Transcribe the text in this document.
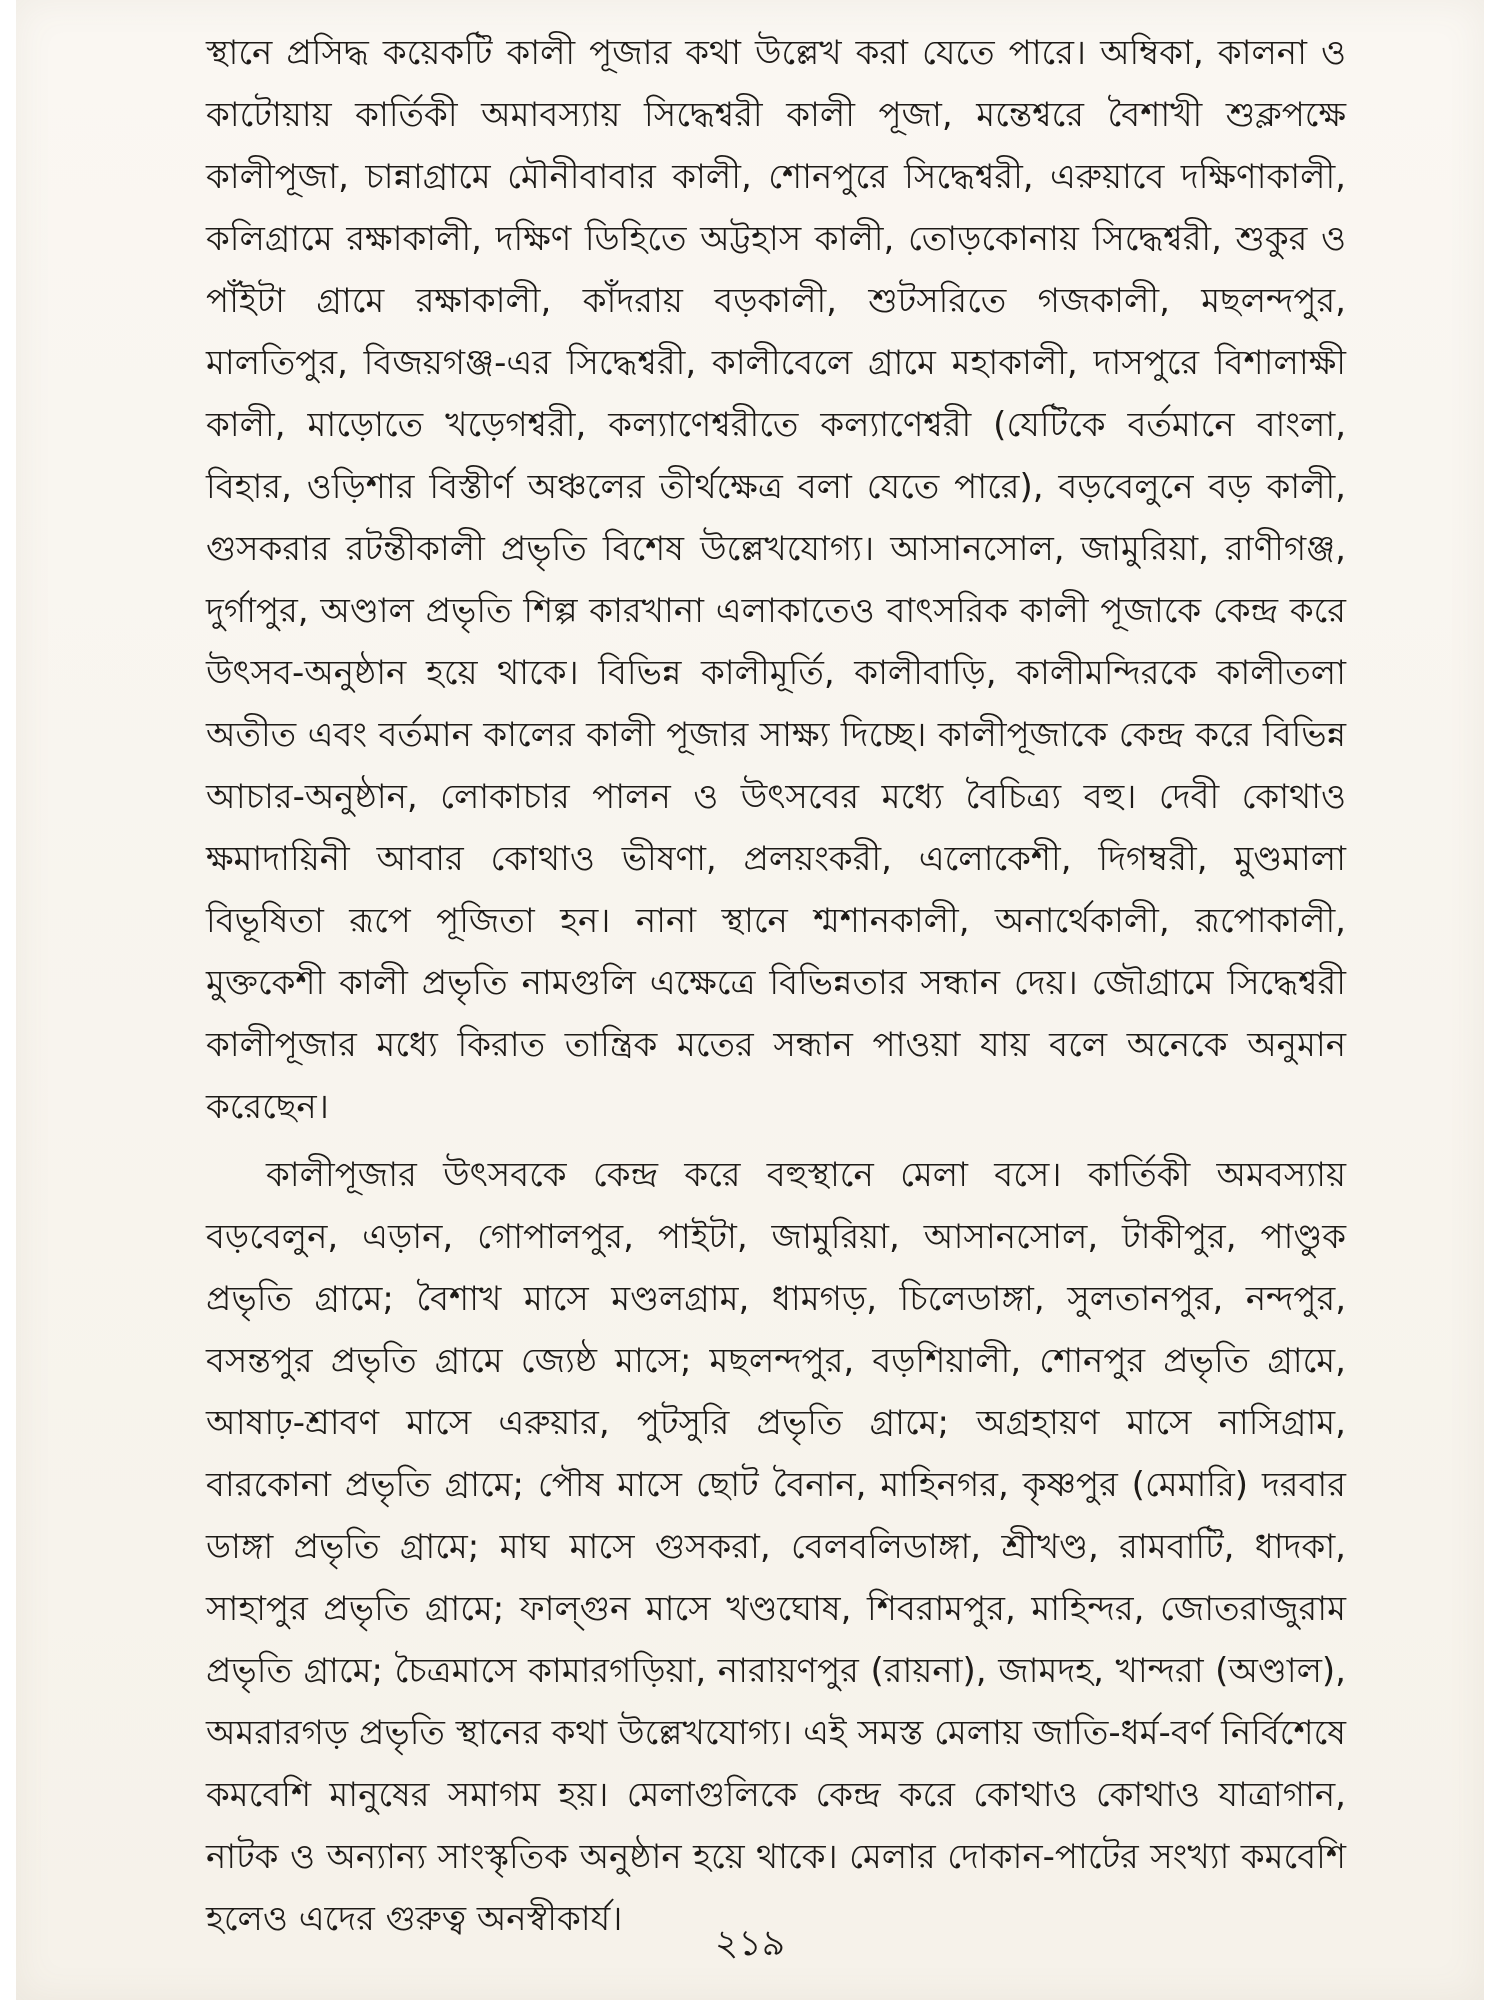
স্থানে প্রসিদ্ধ কয়েকটি কালী পূজার কথা উল্লেখ করা যেতে পারে। অম্বিকা, কালনা ও কাটোয়ায় কার্তিকী অমাবস্যায় সিদ্ধেশ্বরী কালী পূজা, মন্তেশ্বরে বৈশাখী শুক্লপক্ষে কালীপূজা, চান্নাগ্রামে মৌনীবাবার কালী, শোনপুরে সিদ্ধেশ্বরী, এরুয়াবে দক্ষিণাকালী, কলিগ্রামে রক্ষাকালী, দক্ষিণ ডিহিতে অট্টহাস কালী, তোড়কোনায় সিদ্ধেশ্বরী, শুকুর ও পাঁইটা গ্রামে রক্ষাকালী, কাঁদরায় বড়কালী, শুটসরিতে গজকালী, মছলন্দপুর, মালতিপুর, বিজয়গঞ্জ-এর সিদ্ধেশ্বরী, কালীবেলে গ্রামে মহাকালী, দাসপুরে বিশালাক্ষী কালী, মাড়োতে খড়েগশ্বরী, কল্যাণেশ্বরীতে কল্যাণেশ্বরী (যেটিকে বর্তমানে বাংলা, বিহার, ওড়িশার বিস্তীর্ণ অঞ্চলের তীর্থক্ষেত্র বলা যেতে পারে), বড়বেলুনে বড় কালী, গুসকরার রটন্তীকালী প্রভৃতি বিশেষ উল্লেখযোগ্য। আসানসোল, জামুরিয়া, রাণীগঞ্জ, দুর্গাপুর, অণ্ডাল প্রভৃতি শিল্প কারখানা এলাকাতেও বাৎসরিক কালী পূজাকে কেন্দ্র করে উৎসব-অনুষ্ঠান হয়ে থাকে। বিভিন্ন কালীমূর্তি, কালীবাড়ি, কালীমন্দিরকে কালীতলা অতীত এবং বর্তমান কালের কালী পূজার সাক্ষ্য দিচ্ছে। কালীপূজাকে কেন্দ্র করে বিভিন্ন আচার-অনুষ্ঠান, লোকাচার পালন ও উৎসবের মধ্যে বৈচিত্র্য বহু। দেবী কোথাও ক্ষমাদায়িনী আবার কোথাও ভীষণা, প্রলয়ংকরী, এলোকেশী, দিগম্বরী, মুণ্ডমালা বিভূষিতা রূপে পূজিতা হন। নানা স্থানে শ্মশানকালী, অনার্থেকালী, রূপোকালী, মুক্তকেশী কালী প্রভৃতি নামগুলি এক্ষেত্রে বিভিন্নতার সন্ধান দেয়। জৌগ্রামে সিদ্ধেশ্বরী কালীপূজার মধ্যে কিরাত তান্ত্রিক মতের সন্ধান পাওয়া যায় বলে অনেকে অনুমান করেছেন।

কালীপূজার উৎসবকে কেন্দ্র করে বহুস্থানে মেলা বসে। কার্তিকী অমবস্যায় বড়বেলুন, এড়ান, গোপালপুর, পাইটা, জামুরিয়া, আসানসোল, টাকীপুর, পাণ্ডুক প্রভৃতি গ্রামে; বৈশাখ মাসে মণ্ডলগ্রাম, ধামগড়, চিলেডাঙ্গা, সুলতানপুর, নন্দপুর, বসন্তপুর প্রভৃতি গ্রামে জ্যেষ্ঠ মাসে; মছলন্দপুর, বড়শিয়ালী, শোনপুর প্রভৃতি গ্রামে, আষাঢ়-শ্রাবণ মাসে এরুয়ার, পুটসুরি প্রভৃতি গ্রামে; অগ্রহায়ণ মাসে নাসিগ্রাম, বারকোনা প্রভৃতি গ্রামে; পৌষ মাসে ছোট বৈনান, মাহিনগর, কৃষ্ণপুর (মেমারি) দরবার ডাঙ্গা প্রভৃতি গ্রামে; মাঘ মাসে গুসকরা, বেলবলিডাঙ্গা, শ্রীখণ্ড, রামবাটি, ধাদকা, সাহাপুর প্রভৃতি গ্রামে; ফাল্গুন মাসে খণ্ডঘোষ, শিবরামপুর, মাহিন্দর, জোতরাজুরাম প্রভৃতি গ্রামে; চৈত্রমাসে কামারগড়িয়া, নারায়ণপুর (রায়না), জামদহ, খান্দরা (অণ্ডাল), অমরারগড় প্রভৃতি স্থানের কথা উল্লেখযোগ্য। এই সমস্ত মেলায় জাতি-ধর্ম-বর্ণ নির্বিশেষে কমবেশি মানুষের সমাগম হয়। মেলাগুলিকে কেন্দ্র করে কোথাও কোথাও যাত্রাগান, নাটক ও অন্যান্য সাংস্কৃতিক অনুষ্ঠান হয়ে থাকে। মেলার দোকান-পাটের সংখ্যা কমবেশি হলেও এদের গুরুত্ব অনস্বীকার্য।

২১৯
